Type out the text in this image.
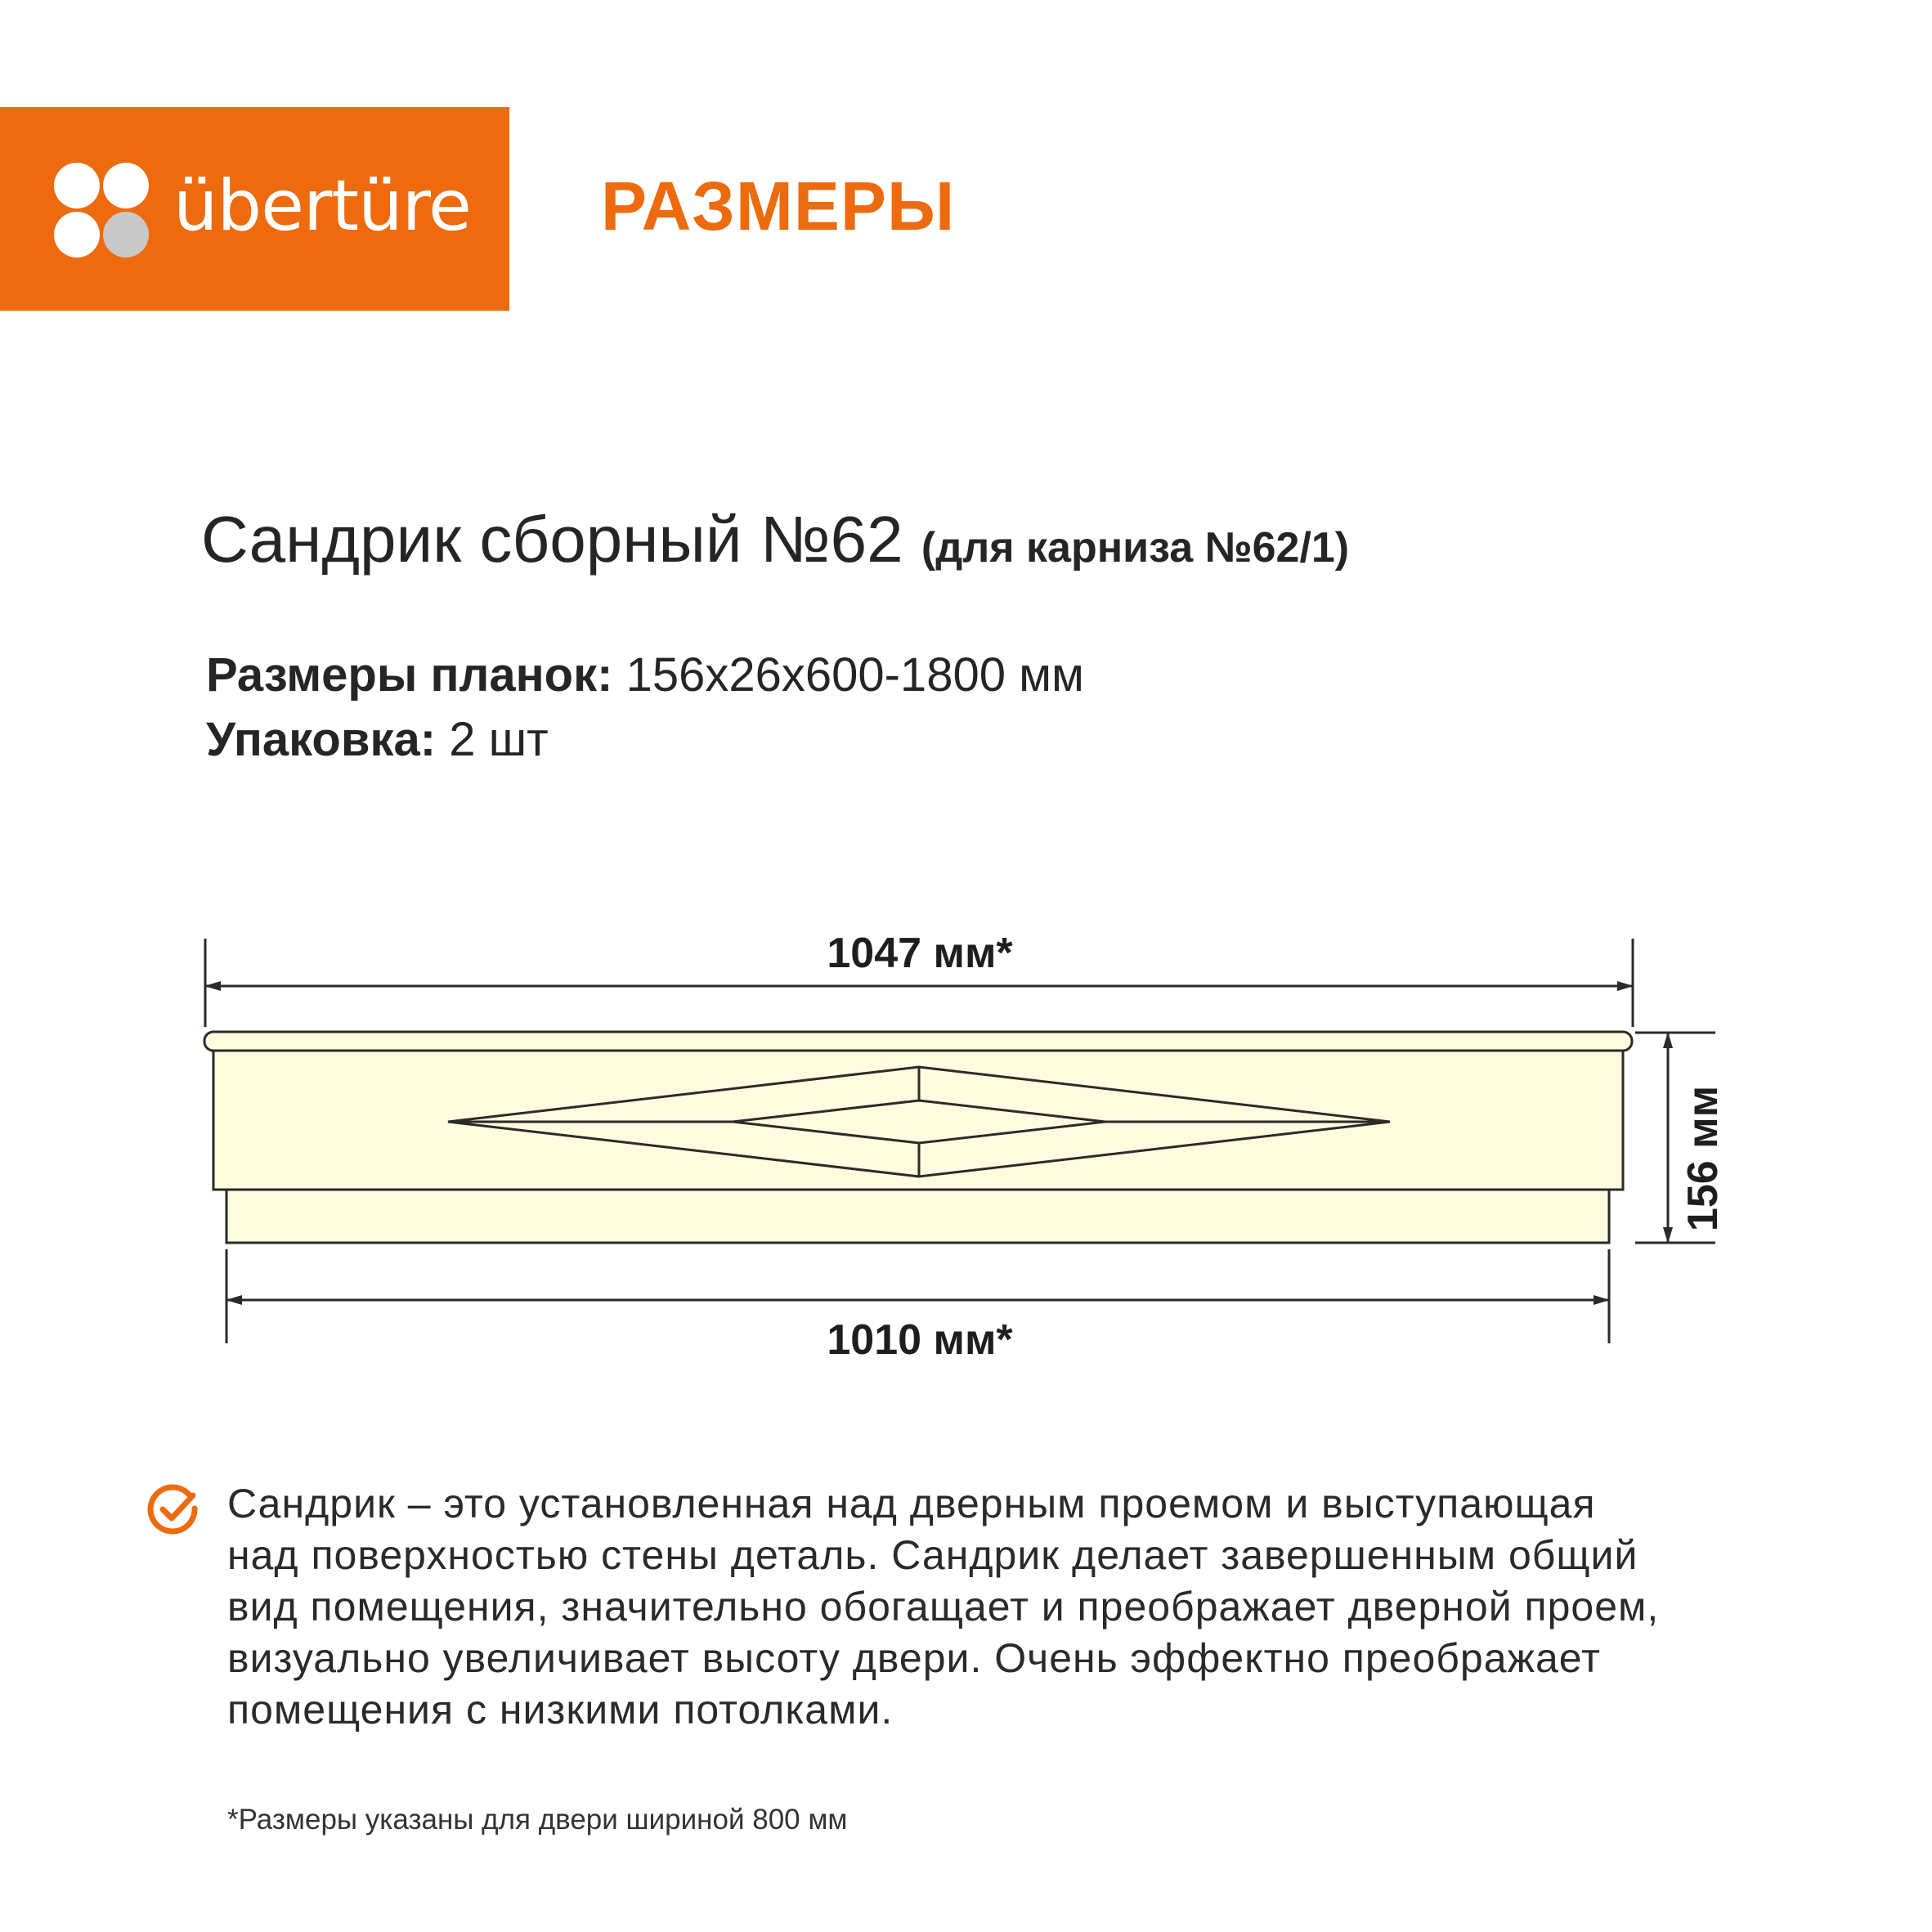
übertüre РАЗМЕРЫ
Сандрик сборный №62 (для карниза №62/1)
Размеры планок: 156x26x600-1800 мм
Упаковка: 2 шт
1047 мм*
1010 мм*
156 мм
Сандрик – это установленная над дверным проемом и выступающая
над поверхностью стены деталь. Сандрик делает завершенным общий
вид помещения, значительно обогащает и преображает дверной проем,
визуально увеличивает высоту двери. Очень эффектно преображает
помещения с низкими потолками.
*Размеры указаны для двери шириной 800 мм
